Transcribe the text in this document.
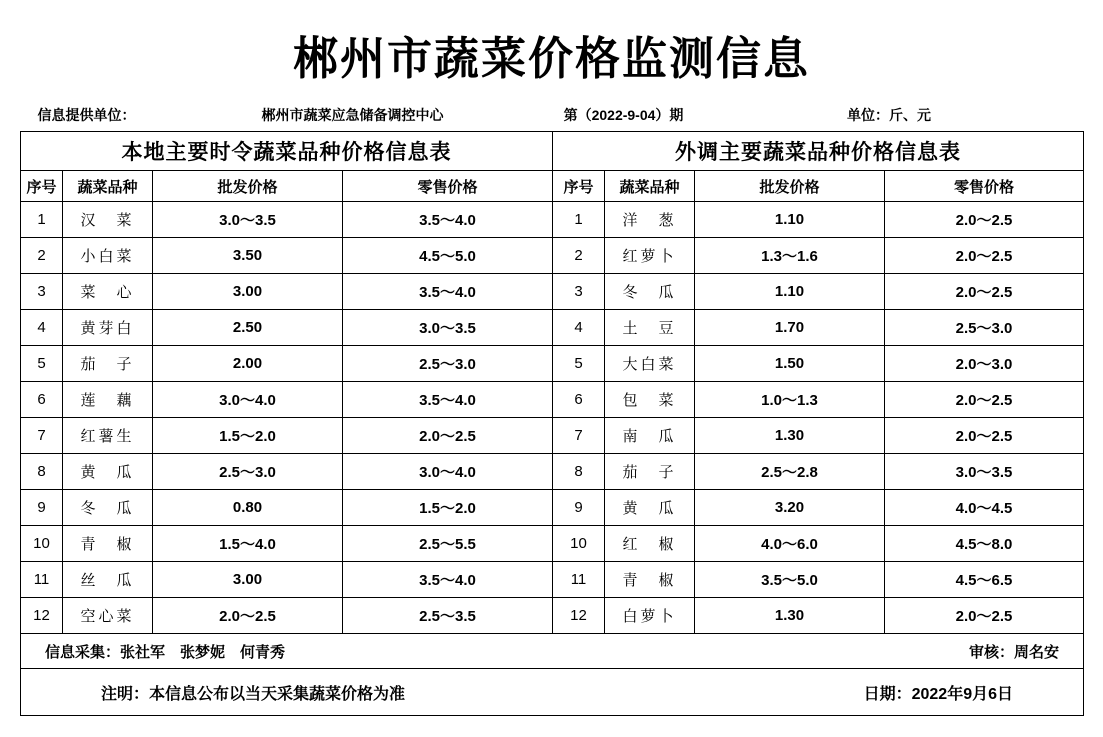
郴州市蔬菜价格监测信息
信息提供单位：		郴州市蔬菜应急储备调控中心		第（2022-9-04）期		单位：斤、元	
本地主要时令蔬菜品种价格信息表				外调主要蔬菜品种价格信息表			
序号	蔬菜品种	批发价格	零售价格	序号	蔬菜品种	批发价格	零售价格
1	汉　菜	3.0～3.5	3.5～4.0	1	洋　葱	1.10	2.0～2.5
2	小白菜	3.50	4.5～5.0	2	红萝卜	1.3～1.6	2.0～2.5
3	菜　心	3.00	3.5～4.0	3	冬　瓜	1.10	2.0～2.5
4	黄芽白	2.50	3.0～3.5	4	土　豆	1.70	2.5～3.0
5	茄　子	2.00	2.5～3.0	5	大白菜	1.50	2.0～3.0
6	莲　藕	3.0～4.0	3.5～4.0	6	包　菜	1.0～1.3	2.0～2.5
7	红薯生	1.5～2.0	2.0～2.5	7	南　瓜	1.30	2.0～2.5
8	黄　瓜	2.5～3.0	3.0～4.0	8	茄　子	2.5～2.8	3.0～3.5
9	冬　瓜	0.80	1.5～2.0	9	黄　瓜	3.20	4.0～4.5
10	青　椒	1.5～4.0	2.5～5.5	10	红　椒	4.0～6.0	4.5～8.0
11	丝　瓜	3.00	3.5～4.0	11	青　椒	3.5～5.0	4.5～6.5
12	空心菜	2.0～2.5	2.5～3.5	12	白萝卜	1.30	2.0～2.5

信息采集：张社军　张梦妮　何青秀 审核：周名安							

注明：本信息公布以当天采集蔬菜价格为准 日期：2022年9月6日							
